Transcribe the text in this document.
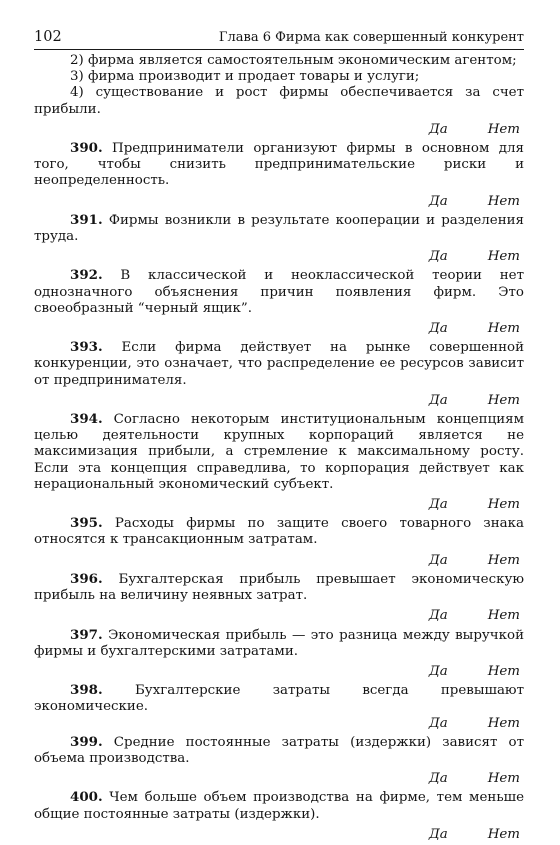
102	Глава 6 Фирма как совершенный конкурент

2) фирма является самостоятельным экономическим агентом;

3) фирма производит и продает товары и услуги;

4) существование и рост фирмы обеспечивается за счет прибыли.

Да	Нет

390. Предприниматели организуют фирмы в основном для того, чтобы снизить предпринимательские риски и неопределенность.

Да	Нет

391. Фирмы возникли в результате кооперации и разделения труда.

Да	Нет

392. В классической и неоклассической теории нет однозначного объяснения причин появления фирм. Это своеобразный “черный ящик”.

Да	Нет

393. Если фирма действует на рынке совершенной конкуренции, это означает, что распределение ее ресурсов зависит от предпринимателя.

Да	Нет

394. Согласно некоторым институциональным концепциям целью деятельности крупных корпораций является не максимизация прибыли, а стремление к максимальному росту. Если эта концепция справедлива, то корпорация действует как нерациональный экономический субъект.

Да	Нет

395. Расходы фирмы по защите своего товарного знака относятся к трансакционным затратам.

Да	Нет

396. Бухгалтерская прибыль превышает экономическую прибыль на величину неявных затрат.

Да	Нет

397. Экономическая прибыль — это разница между выручкой фирмы и бухгалтерскими затратами.

Да	Нет

398. Бухгалтерские затраты всегда превышают экономические.

Да	Нет

399. Средние постоянные затраты (издержки) зависят от объема производства.

Да	Нет

400. Чем больше объем производства на фирме, тем меньше общие постоянные затраты (издержки).

Да	Нет
